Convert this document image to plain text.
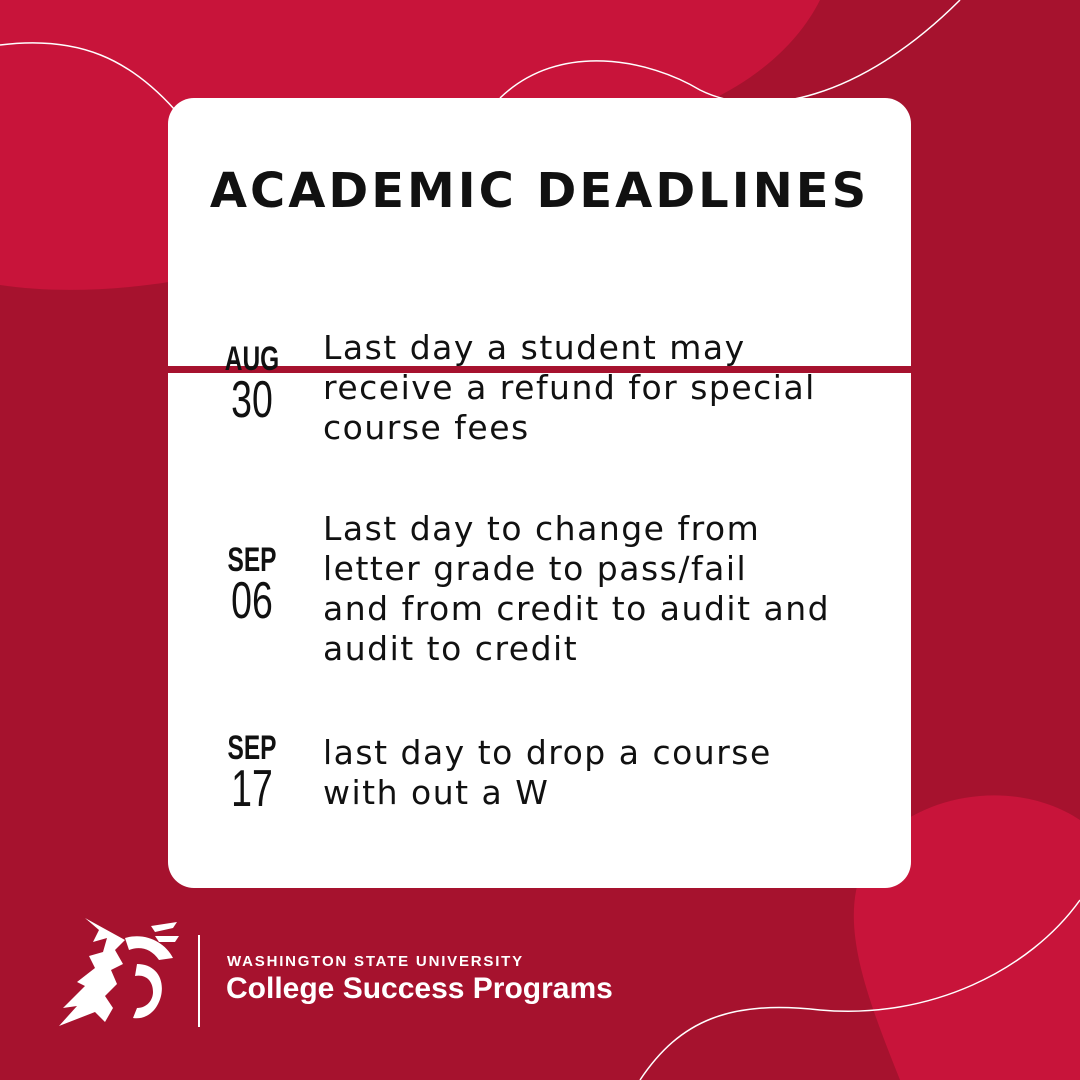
ACADEMIC DEADLINES
AUG
30

Last day a student may
receive a refund for special
course fees

SEP
06

Last day to change from
letter grade to pass/fail
and from credit to audit and
audit to credit

SEP
17

last day to drop a course
with out a W

WASHINGTON STATE UNIVERSITY
College Success Programs
